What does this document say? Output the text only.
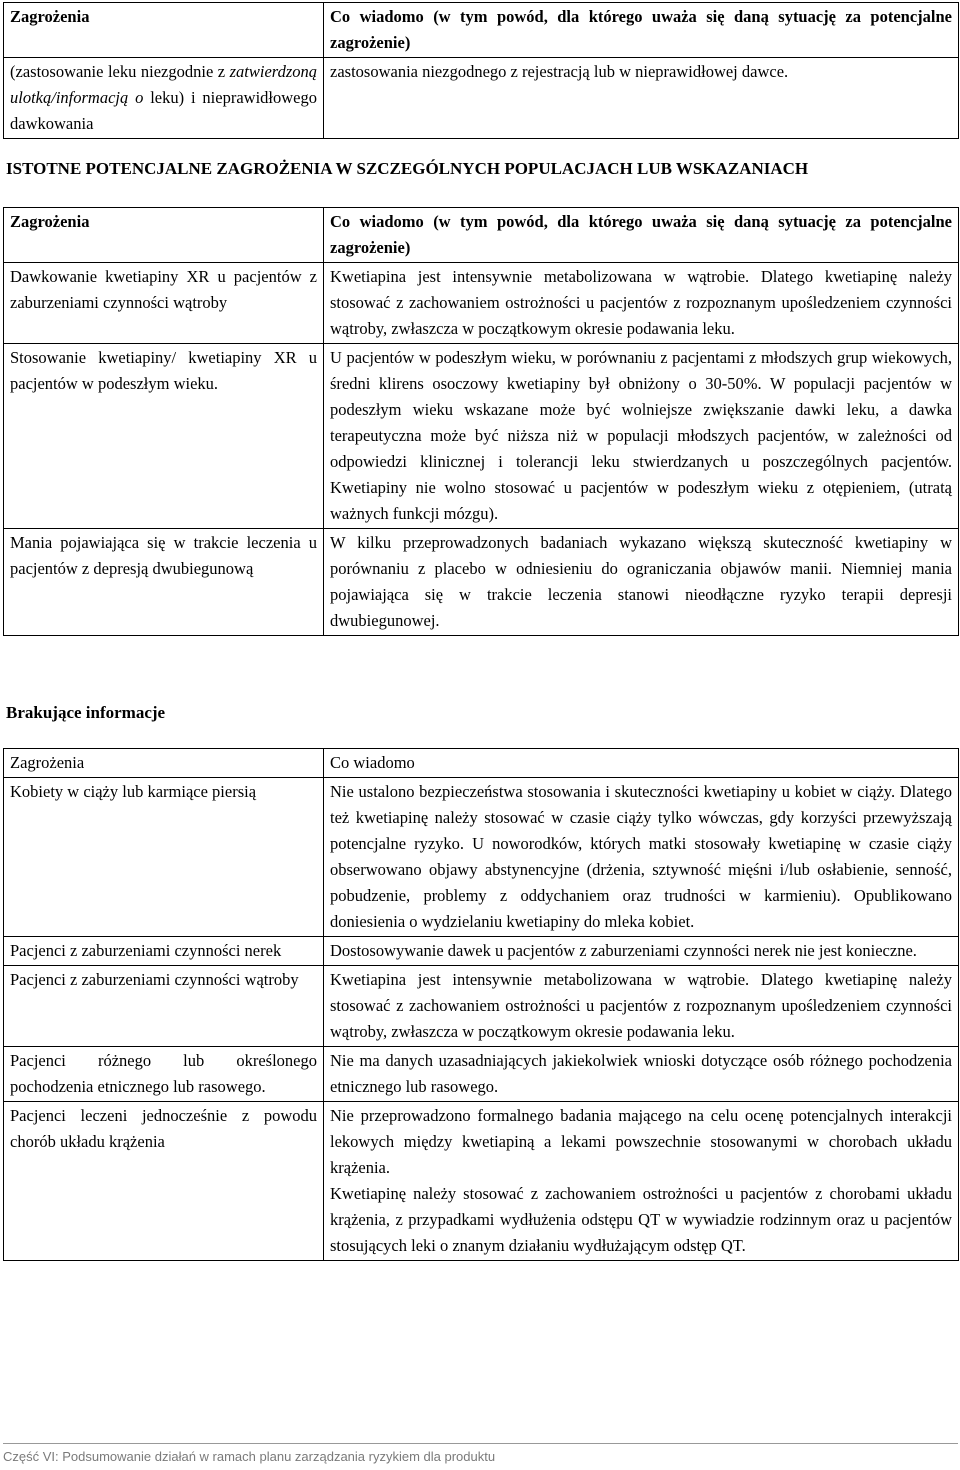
Zagrożenia	Co wiadomo (w tym powód, dla którego uważa się daną sytuację za potencjalne zagrożenie)
(zastosowanie leku niezgodnie z zatwierdzoną ulotką/informacją o leku) i nieprawidłowego dawkowania	zastosowania niezgodnego z rejestracją lub w nieprawidłowej dawce.
ISTOTNE POTENCJALNE ZAGROŻENIA W SZCZEGÓLNYCH POPULACJACH LUB WSKAZANIACH
Zagrożenia	Co wiadomo (w tym powód, dla którego uważa się daną sytuację za potencjalne zagrożenie)
Dawkowanie kwetiapiny XR u pacjentów z zaburzeniami czynności wątroby	Kwetiapina jest intensywnie metabolizowana w wątrobie. Dlatego kwetiapinę należy stosować z zachowaniem ostrożności u pacjentów z rozpoznanym upośledzeniem czynności wątroby, zwłaszcza w początkowym okresie podawania leku.
Stosowanie kwetiapiny/ kwetiapiny XR u pacjentów w podeszłym wieku.	U pacjentów w podeszłym wieku, w porównaniu z pacjentami z młodszych grup wiekowych, średni klirens osoczowy kwetiapiny był obniżony o 30-50%. W populacji pacjentów w podeszłym wieku wskazane może być wolniejsze zwiększanie dawki leku, a dawka terapeutyczna może być niższa niż w populacji młodszych pacjentów, w zależności od odpowiedzi klinicznej i tolerancji leku stwierdzanych u poszczególnych pacjentów. Kwetiapiny nie wolno stosować u pacjentów w podeszłym wieku z otępieniem, (utratą ważnych funkcji mózgu).
Mania pojawiająca się w trakcie leczenia u pacjentów z depresją dwubiegunową	W kilku przeprowadzonych badaniach wykazano większą skuteczność kwetiapiny w porównaniu z placebo w odniesieniu do ograniczania objawów manii. Niemniej mania pojawiająca się w trakcie leczenia stanowi nieodłączne ryzyko terapii depresji dwubiegunowej.
Brakujące informacje
Zagrożenia	Co wiadomo
Kobiety w ciąży lub karmiące piersią	Nie ustalono bezpieczeństwa stosowania i skuteczności kwetiapiny u kobiet w ciąży. Dlatego też kwetiapinę należy stosować w czasie ciąży tylko wówczas, gdy korzyści przewyższają potencjalne ryzyko. U noworodków, których matki stosowały kwetiapinę w czasie ciąży obserwowano objawy abstynencyjne (drżenia, sztywność mięśni i/lub osłabienie, senność, pobudzenie, problemy z oddychaniem oraz trudności w karmieniu). Opublikowano doniesienia o wydzielaniu kwetiapiny do mleka kobiet.
Pacjenci z zaburzeniami czynności nerek	Dostosowywanie dawek u pacjentów z zaburzeniami czynności nerek nie jest konieczne.
Pacjenci z zaburzeniami czynności wątroby	Kwetiapina jest intensywnie metabolizowana w wątrobie. Dlatego kwetiapinę należy stosować z zachowaniem ostrożności u pacjentów z rozpoznanym upośledzeniem czynności wątroby, zwłaszcza w początkowym okresie podawania leku.
Pacjenci różnego lub określonego pochodzenia etnicznego lub rasowego.	Nie ma danych uzasadniających jakiekolwiek wnioski dotyczące osób różnego pochodzenia etnicznego lub rasowego.
Pacjenci leczeni jednocześnie z powodu chorób układu krążenia	Nie przeprowadzono formalnego badania mającego na celu ocenę potencjalnych interakcji lekowych między kwetiapiną a lekami powszechnie stosowanymi w chorobach układu krążenia.
Kwetiapinę należy stosować z zachowaniem ostrożności u pacjentów z chorobami układu krążenia, z przypadkami wydłużenia odstępu QT w wywiadzie rodzinnym oraz u pacjentów stosujących leki o znanym działaniu wydłużającym odstęp QT.
Część VI: Podsumowanie działań w ramach planu zarządzania ryzykiem dla produktu
